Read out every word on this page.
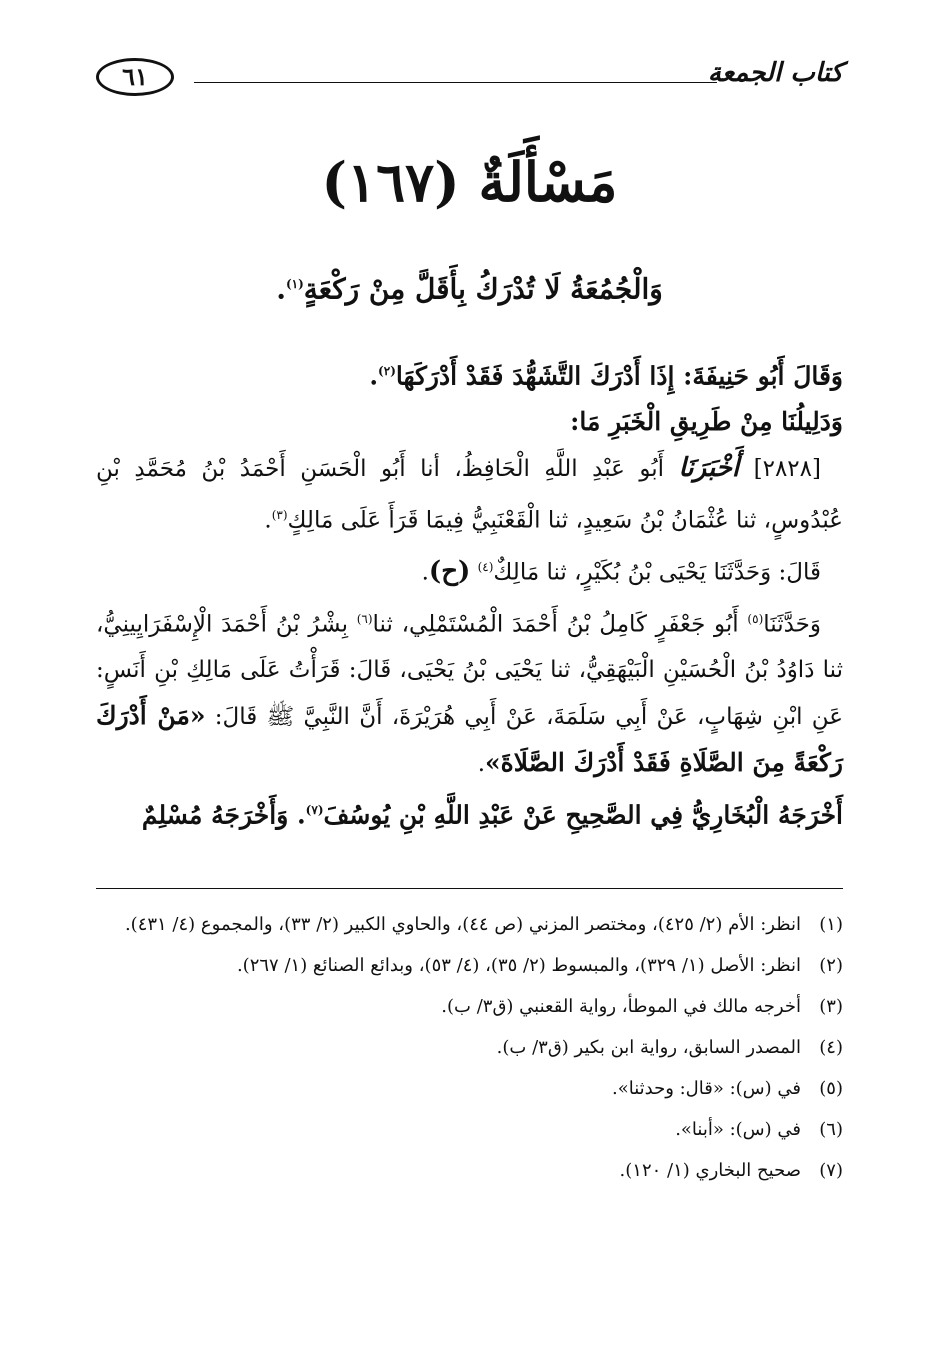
كتاب الجمعة
٦١
مَسْأَلَةٌ (١٦٧)
وَالْجُمُعَةُ لَا تُدْرَكُ بِأَقَلَّ مِنْ رَكْعَةٍ$^{(١)}$.

وَقَالَ أَبُو حَنِيفَةَ: إِذَا أَدْرَكَ التَّشَهُّدَ فَقَدْ أَدْرَكَهَا$^{(٢)}$.

وَدَلِيلُنَا مِنْ طَرِيقِ الْخَبَرِ مَا:

[٢٨٢٨] أَخْبَرَنَا أَبُو عَبْدِ اللَّهِ الْحَافِظُ، أنا أَبُو الْحَسَنِ أَحْمَدُ بْنُ مُحَمَّدِ بْنِ عُبْدُوسٍ، ثنا عُثْمَانُ بْنُ سَعِيدٍ، ثنا الْقَعْنَبِيُّ فِيمَا قَرَأَ عَلَى مَالِكٍ$^{(٣)}$.

قَالَ: وَحَدَّثَنَا يَحْيَى بْنُ بُكَيْرٍ، ثنا مَالِكٌ$^{(٤)}$ (ح).

وَحَدَّثَنَا$^{(٥)}$ أَبُو جَعْفَرٍ كَامِلُ بْنُ أَحْمَدَ الْمُسْتَمْلِي، ثنا$^{(٦)}$ بِشْرُ بْنُ أَحْمَدَ الْإِسْفَرَايِينِيُّ، ثنا دَاوُدُ بْنُ الْحُسَيْنِ الْبَيْهَقِيُّ، ثنا يَحْيَى بْنُ يَحْيَى، قَالَ: قَرَأْتُ عَلَى مَالِكِ بْنِ أَنَسٍ: عَنِ ابْنِ شِهَابٍ، عَنْ أَبِي سَلَمَةَ، عَنْ أَبِي هُرَيْرَةَ، أَنَّ النَّبِيَّ ﷺ قَالَ: «مَنْ أَدْرَكَ رَكْعَةً مِنَ الصَّلَاةِ فَقَدْ أَدْرَكَ الصَّلَاةَ».

أَخْرَجَهُ الْبُخَارِيُّ فِي الصَّحِيحِ عَنْ عَبْدِ اللَّهِ بْنِ يُوسُفَ$^{(٧)}$. وَأَخْرَجَهُ مُسْلِمٌ

(١)
انظر: الأم (٢/ ٤٢٥)، ومختصر المزني (ص ٤٤)، والحاوي الكبير (٢/ ٣٣)، والمجموع (٤/ ٤٣١).
(٢)
انظر: الأصل (١/ ٣٢٩)، والمبسوط (٢/ ٣٥)، (٤/ ٥٣)، وبدائع الصنائع (١/ ٢٦٧).
(٣)
أخرجه مالك في الموطأ، رواية القعنبي (ق٣/ ب).
(٤)
المصدر السابق، رواية ابن بكير (ق٣/ ب).
(٥)
في (س): «قال: وحدثنا».
(٦)
في (س): «أبنا».
(٧)
صحيح البخاري (١/ ١٢٠).
